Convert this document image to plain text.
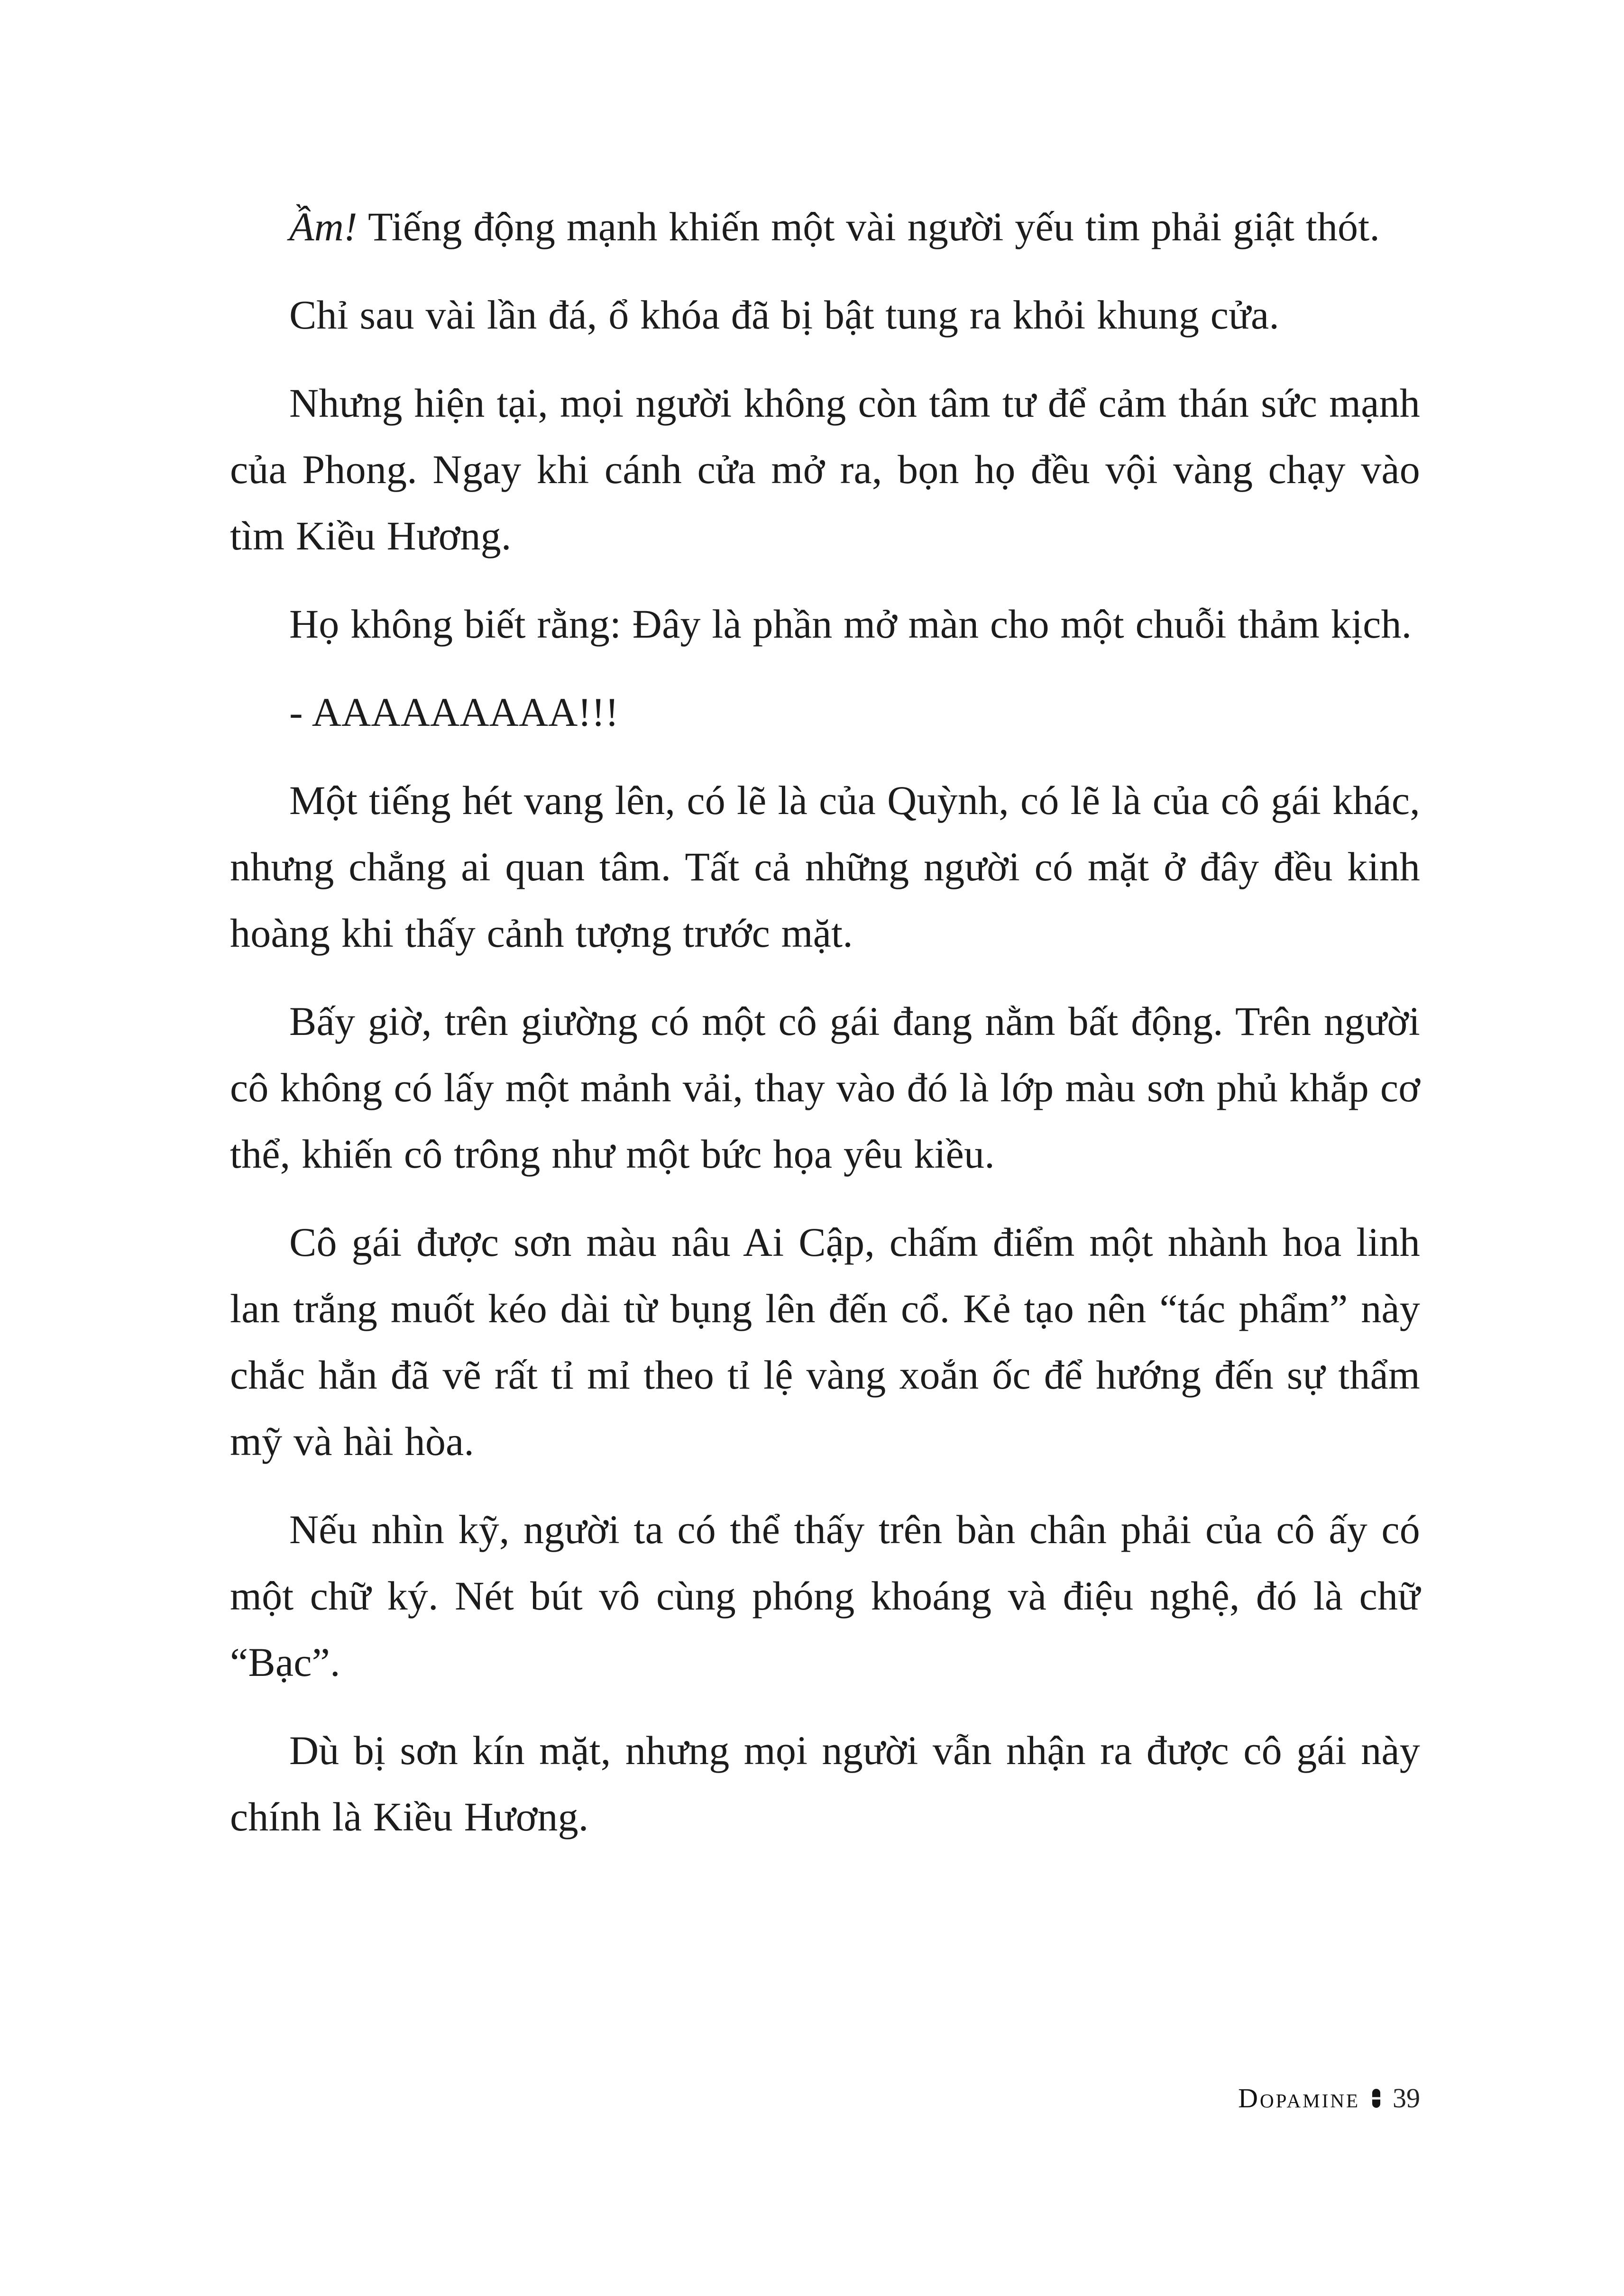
Ầm! Tiếng động mạnh khiến một vài người yếu tim phải giật thót.

Chỉ sau vài lần đá, ổ khóa đã bị bật tung ra khỏi khung cửa.

Nhưng hiện tại, mọi người không còn tâm tư để cảm thán sức mạnh của Phong. Ngay khi cánh cửa mở ra, bọn họ đều vội vàng chạy vào tìm Kiều Hương.

Họ không biết rằng: Đây là phần mở màn cho một chuỗi thảm kịch.

- AAAAAAAAA!!!

Một tiếng hét vang lên, có lẽ là của Quỳnh, có lẽ là của cô gái khác, nhưng chẳng ai quan tâm. Tất cả những người có mặt ở đây đều kinh hoàng khi thấy cảnh tượng trước mặt.

Bấy giờ, trên giường có một cô gái đang nằm bất động. Trên người cô không có lấy một mảnh vải, thay vào đó là lớp màu sơn phủ khắp cơ thể, khiến cô trông như một bức họa yêu kiều.

Cô gái được sơn màu nâu Ai Cập, chấm điểm một nhành hoa linh lan trắng muốt kéo dài từ bụng lên đến cổ. Kẻ tạo nên “tác phẩm” này chắc hẳn đã vẽ rất tỉ mỉ theo tỉ lệ vàng xoắn ốc để hướng đến sự thẩm mỹ và hài hòa.

Nếu nhìn kỹ, người ta có thể thấy trên bàn chân phải của cô ấy có một chữ ký. Nét bút vô cùng phóng khoáng và điệu nghệ, đó là chữ “Bạc”.

Dù bị sơn kín mặt, nhưng mọi người vẫn nhận ra được cô gái này chính là Kiều Hương.

Dopamine 39
